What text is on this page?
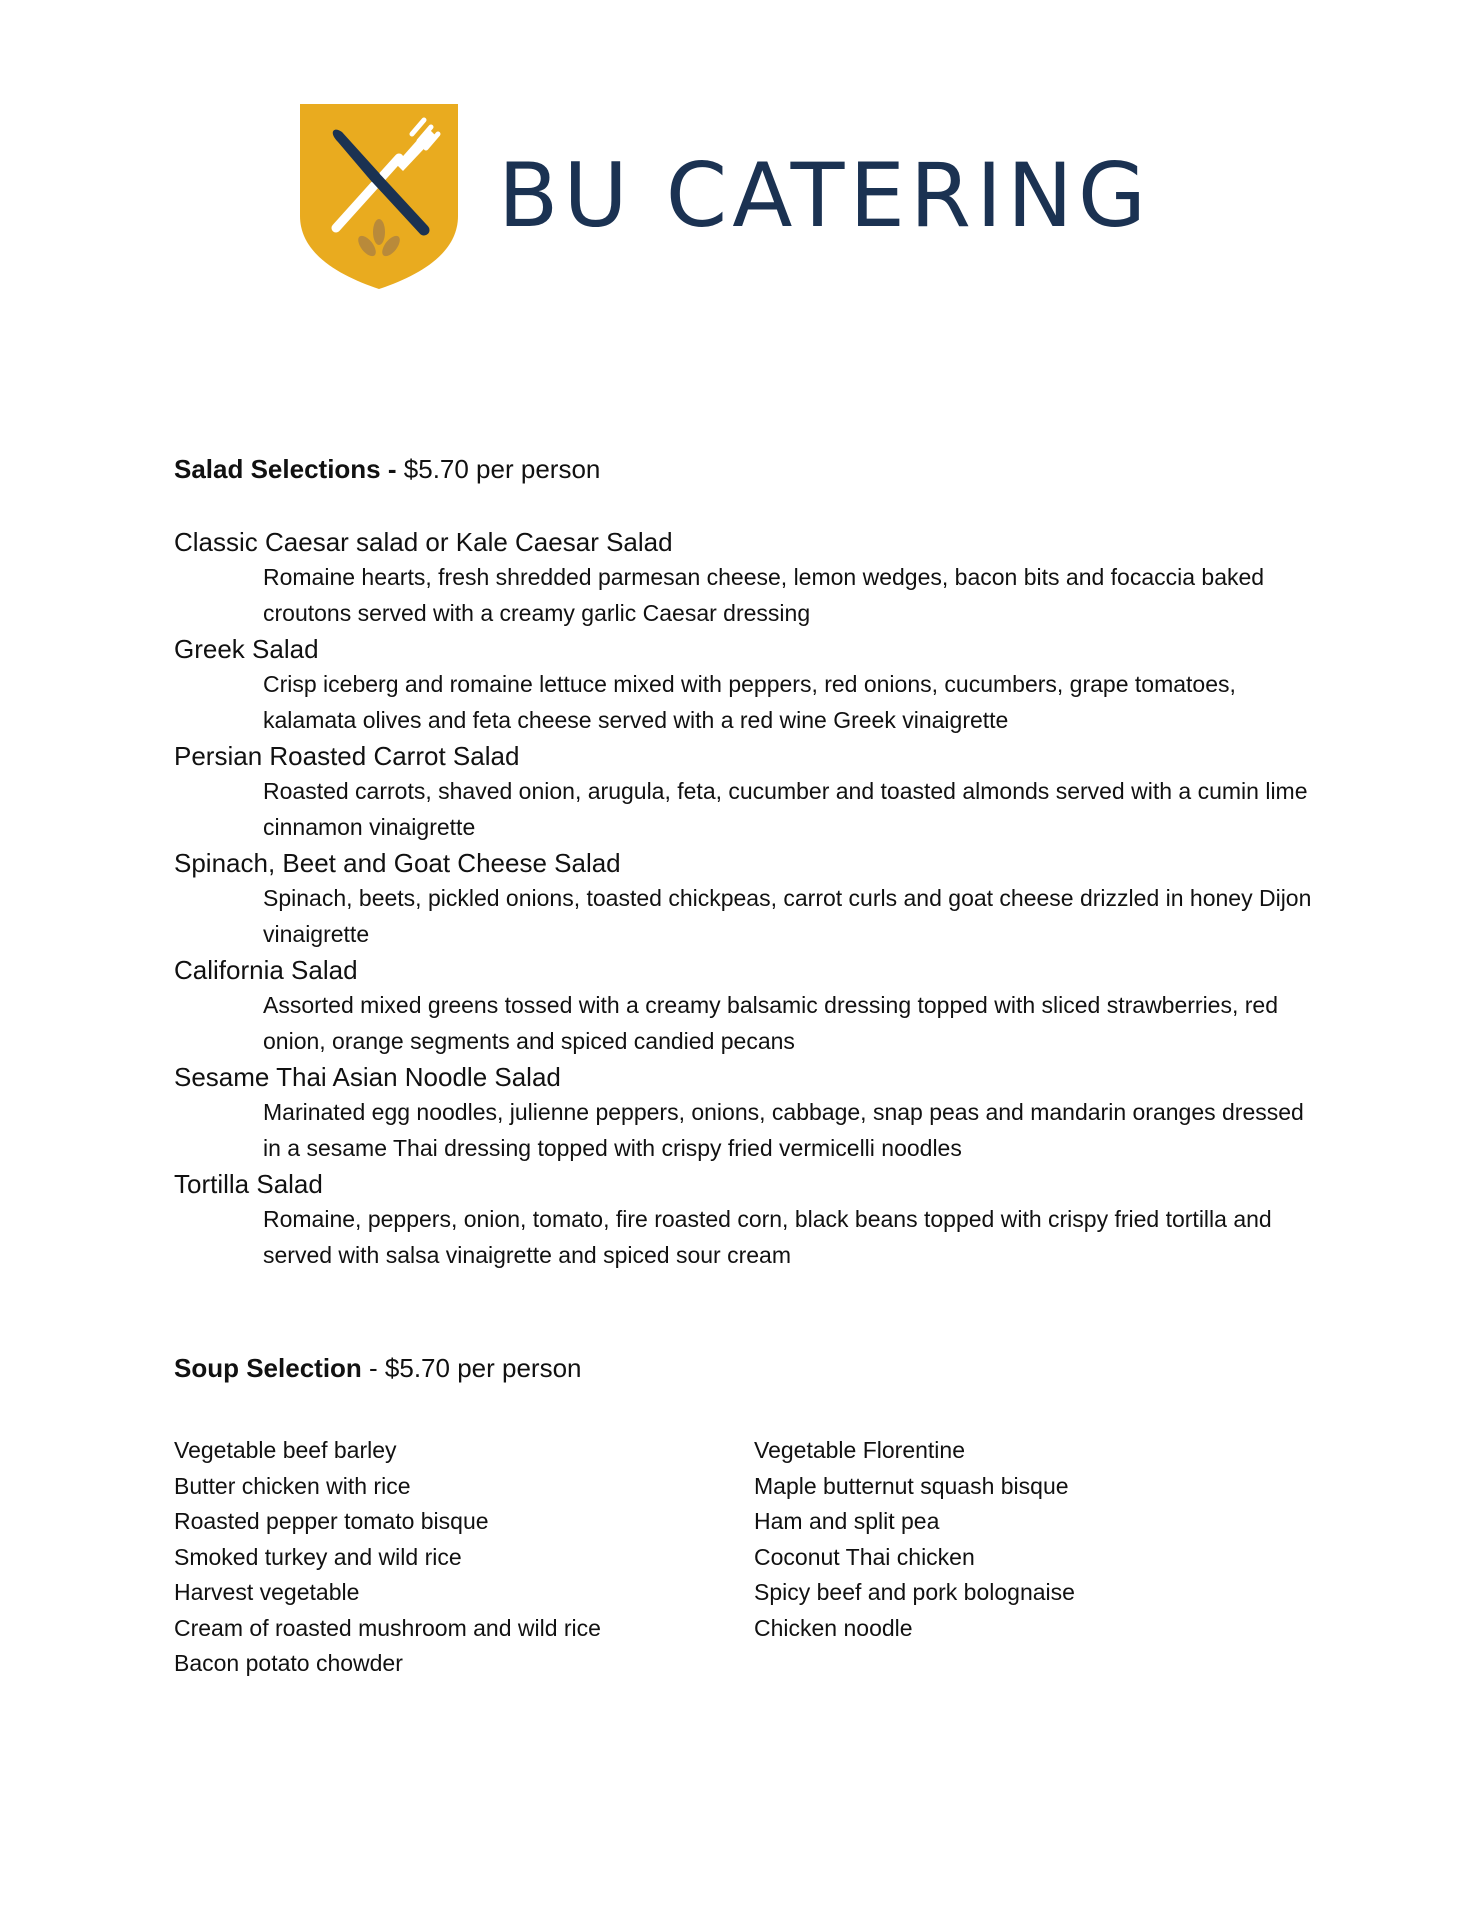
BU CATERING

Salad Selections - $5.70 per person

Classic Caesar salad or Kale Caesar Salad
Romaine hearts, fresh shredded parmesan cheese, lemon wedges, bacon bits and focaccia baked croutons served with a creamy garlic Caesar dressing
Greek Salad
Crisp iceberg and romaine lettuce mixed with peppers, red onions, cucumbers, grape tomatoes, kalamata olives and feta cheese served with a red wine Greek vinaigrette
Persian Roasted Carrot Salad
Roasted carrots, shaved onion, arugula, feta, cucumber and toasted almonds served with a cumin lime cinnamon vinaigrette
Spinach, Beet and Goat Cheese Salad
Spinach, beets, pickled onions, toasted chickpeas, carrot curls and goat cheese drizzled in honey Dijon vinaigrette
California Salad
Assorted mixed greens tossed with a creamy balsamic dressing topped with sliced strawberries, red onion, orange segments and spiced candied pecans
Sesame Thai Asian Noodle Salad
Marinated egg noodles, julienne peppers, onions, cabbage, snap peas and mandarin oranges dressed in a sesame Thai dressing topped with crispy fried vermicelli noodles
Tortilla Salad
Romaine, peppers, onion, tomato, fire roasted corn, black beans topped with crispy fried tortilla and served with salsa vinaigrette and spiced sour cream

Soup Selection - $5.70 per person

Vegetable beef barley
Butter chicken with rice
Roasted pepper tomato bisque
Smoked turkey and wild rice
Harvest vegetable
Cream of roasted mushroom and wild rice
Bacon potato chowder
Vegetable Florentine
Maple butternut squash bisque
Ham and split pea
Coconut Thai chicken
Spicy beef and pork bolognaise
Chicken noodle
